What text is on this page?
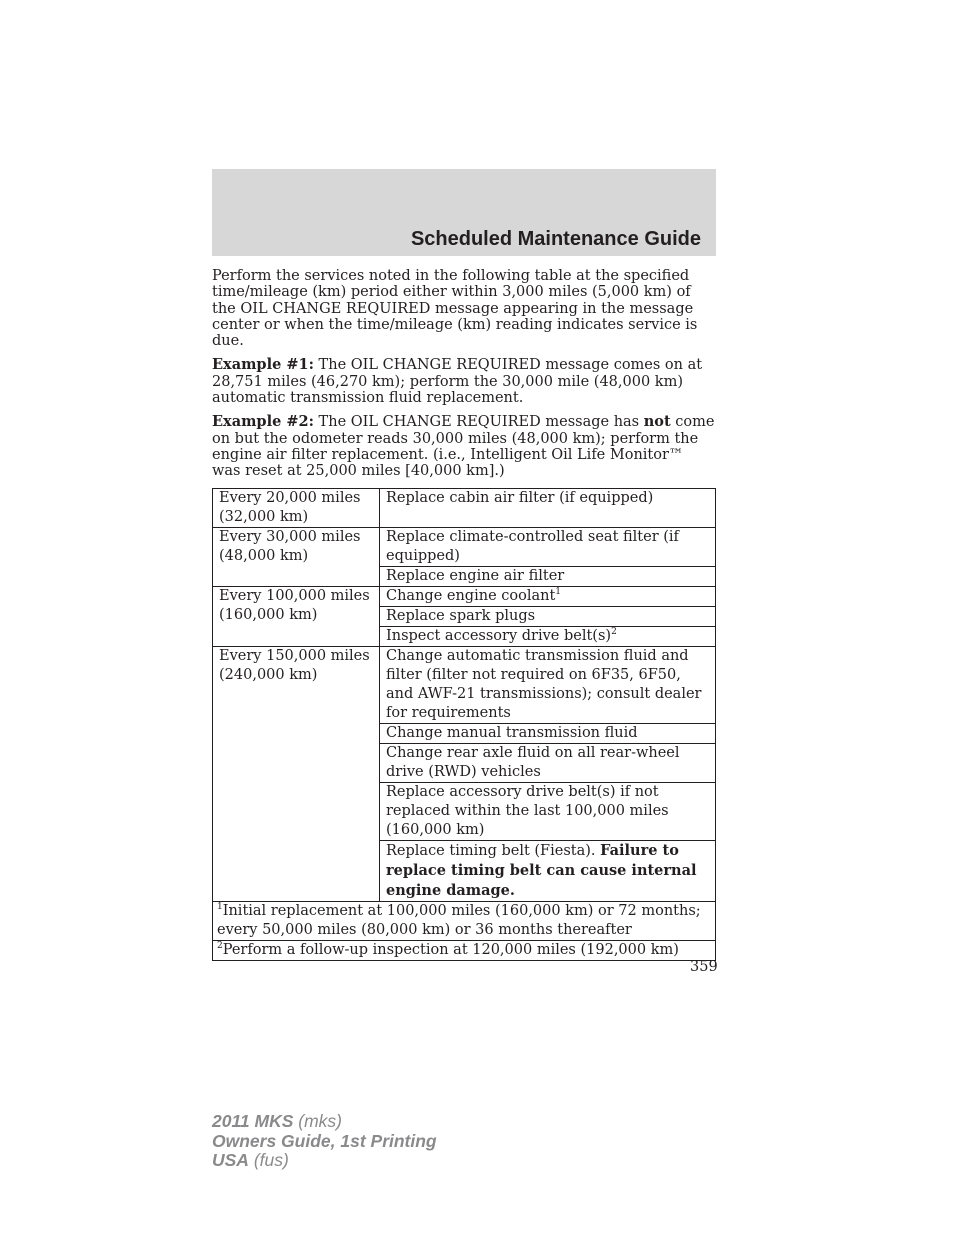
Scheduled Maintenance Guide

Perform the services noted in the following table at the specified time/mileage (km) period either within 3,000 miles (5,000 km) of the OIL CHANGE REQUIRED message appearing in the message center or when the time/mileage (km) reading indicates service is due.

Example #1: The OIL CHANGE REQUIRED message comes on at 28,751 miles (46,270 km); perform the 30,000 mile (48,000 km) automatic transmission fluid replacement.

Example #2: The OIL CHANGE REQUIRED message has not come on but the odometer reads 30,000 miles (48,000 km); perform the engine air filter replacement. (i.e., Intelligent Oil Life Monitor™ was reset at 25,000 miles [40,000 km].)

Every 20,000 miles (32,000 km)	Replace cabin air filter (if equipped)
Every 30,000 miles (48,000 km)	Replace climate-controlled seat filter (if equipped)
	Replace engine air filter
Every 100,000 miles (160,000 km)	Change engine coolant$^1$
	Replace spark plugs
	Inspect accessory drive $belt(s)^2$
Every 150,000 miles (240,000 km)	Change automatic transmission fluid and filter (filter not required on 6F35, 6F50, and AWF-21 transmissions); consult dealer for requirements
	Change manual transmission fluid
	Change rear axle fluid on all rear-wheel drive (RWD) vehicles
	Replace accessory drive belt(s) if not replaced within the last 100,000 miles (160,000 km)
	Replace timing belt (Fiesta). Failure to replace timing belt can cause internal engine damage.
$^1$Initial replacement at 100,000 miles (160,000 km) or 72 months; every 50,000 miles (80,000 km) or 36 months thereafter	
$^2$Perform a follow-up inspection at 120,000 miles (192,000 km)	
359
2011 MKS (mks)
Owners Guide, 1st Printing
USA (fus)
